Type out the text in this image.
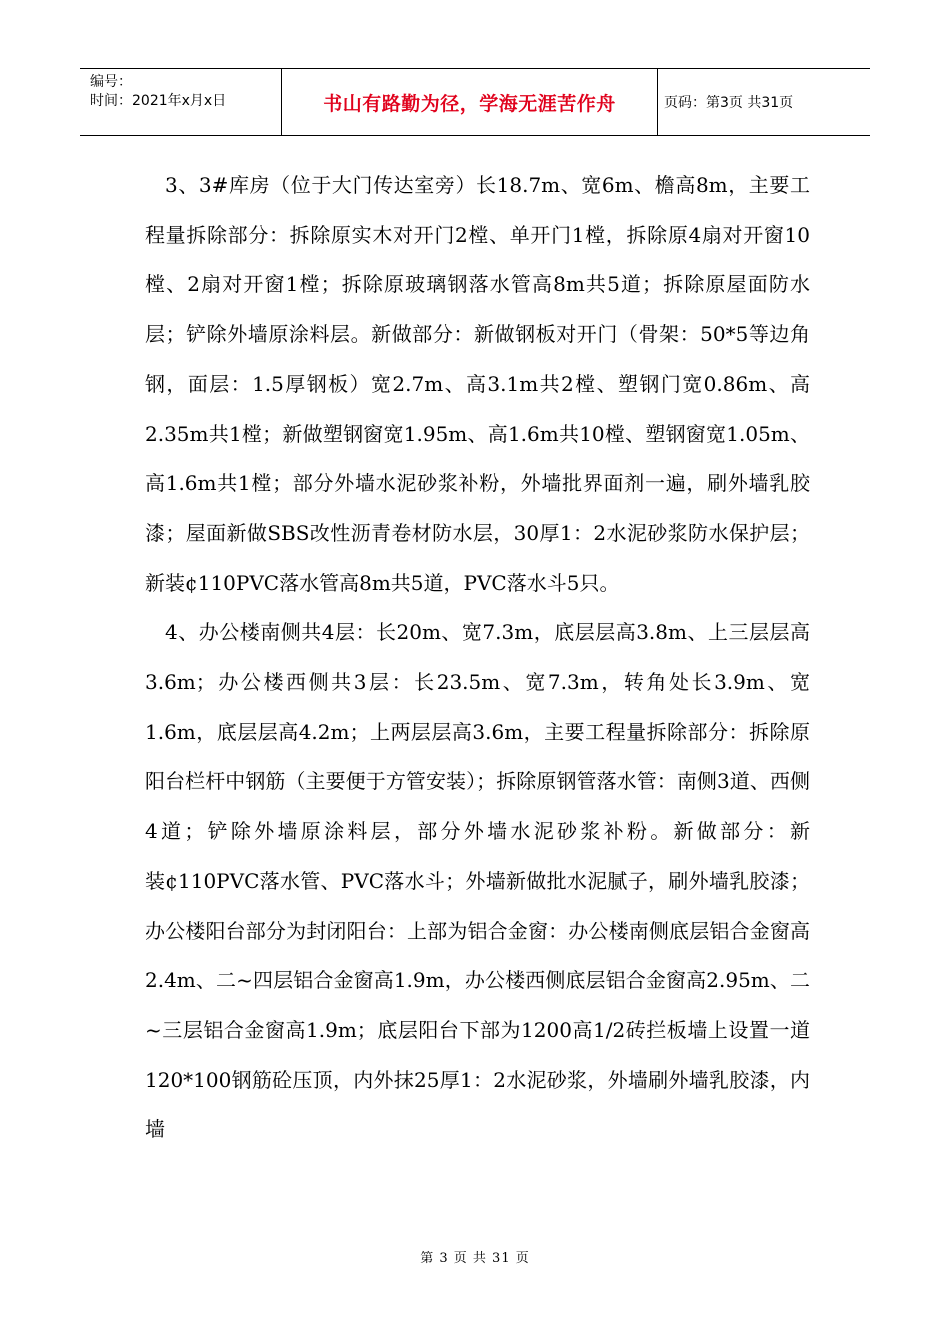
编号：
时间：2021年x月x日	书山有路勤为径，学海无涯苦作舟	页码：第3页 共31页

3、3#库房（位于大门传达室旁）长18.7m、宽6m、檐高8m，主要工程量拆除部分：拆除原实木对开门2樘、单开门1樘，拆除原4扇对开窗10樘、2扇对开窗1樘；拆除原玻璃钢落水管高8m共5道；拆除原屋面防水层；铲除外墙原涂料层。新做部分：新做钢板对开门（骨架：50*5等边角钢，面层：1.5厚钢板）宽2.7m、高3.1m共2樘、塑钢门宽0.86m、高2.35m共1樘；新做塑钢窗宽1.95m、高1.6m共10樘、塑钢窗宽1.05m、高1.6m共1樘；部分外墙水泥砂浆补粉，外墙批界面剂一遍，刷外墙乳胶漆；屋面新做SBS改性沥青卷材防水层，30厚1：2水泥砂浆防水保护层；新装¢110PVC落水管高8m共5道，PVC落水斗5只。

4、办公楼南侧共4层：长20m、宽7.3m，底层层高3.8m、上三层层高3.6m；办公楼西侧共3层：长23.5m、宽7.3m，转角处长3.9m、宽1.6m，底层层高4.2m；上两层层高3.6m，主要工程量拆除部分：拆除原阳台栏杆中钢筋（主要便于方管安装）；拆除原钢管落水管：南侧3道、西侧4道；铲除外墙原涂料层，部分外墙水泥砂浆补粉。新做部分：新装¢110PVC落水管、PVC落水斗；外墙新做批水泥腻子，刷外墙乳胶漆；办公楼阳台部分为封闭阳台：上部为铝合金窗：办公楼南侧底层铝合金窗高2.4m、二~四层铝合金窗高1.9m，办公楼西侧底层铝合金窗高2.95m、二~三层铝合金窗高1.9m；底层阳台下部为1200高1/2砖拦板墙上设置一道120*100钢筋砼压顶，内外抹25厚1：2水泥砂浆，外墙刷外墙乳胶漆，内墙

第 3 页 共 31 页
